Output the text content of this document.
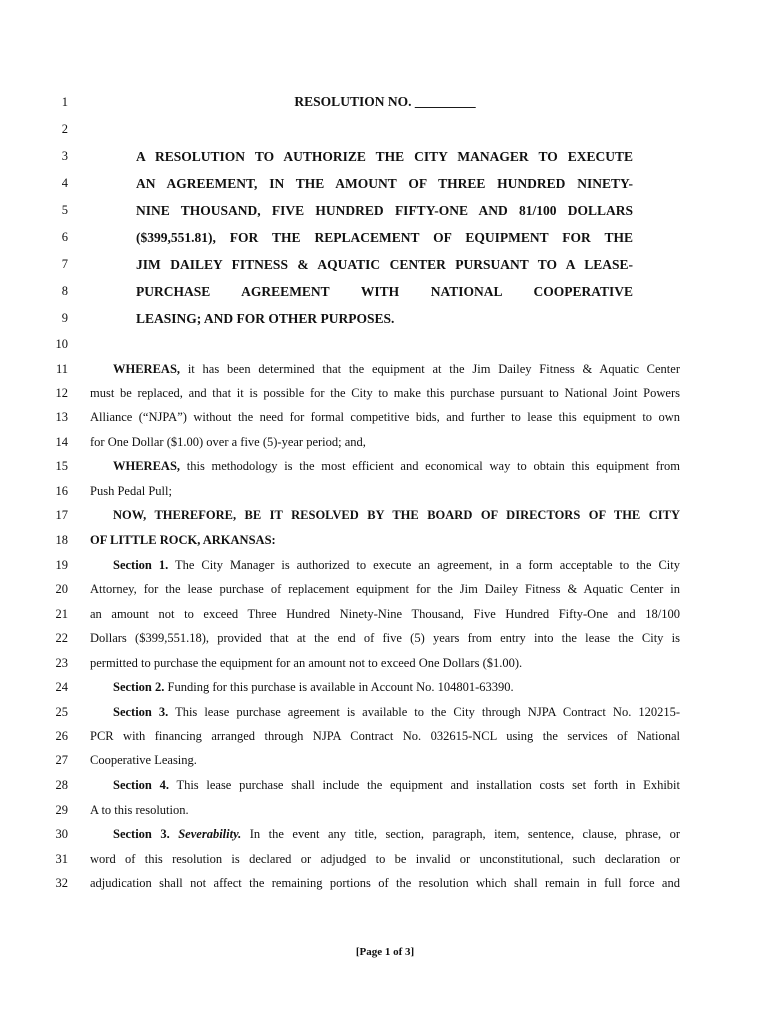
1
2
3
4
5
6
7
8
9
10
11
12
13
14
15
16
17
18
19
20
21
22
23
24
25
26
27
28
29
30
31
32
RESOLUTION NO. _________
A RESOLUTION TO AUTHORIZE THE CITY MANAGER TO EXECUTE
AN AGREEMENT, IN THE AMOUNT OF THREE HUNDRED NINETY-
NINE THOUSAND, FIVE HUNDRED FIFTY-ONE AND 81/100 DOLLARS
($399,551.81), FOR THE REPLACEMENT OF EQUIPMENT FOR THE
JIM DAILEY FITNESS & AQUATIC CENTER PURSUANT TO A LEASE-
PURCHASE AGREEMENT WITH NATIONAL COOPERATIVE
LEASING; AND FOR OTHER PURPOSES.
WHEREAS, it has been determined that the equipment at the Jim Dailey Fitness & Aquatic Center
must be replaced, and that it is possible for the City to make this purchase pursuant to National Joint Powers
Alliance (“NJPA”) without the need for formal competitive bids, and further to lease this equipment to own
for One Dollar ($1.00) over a five (5)-year period; and,
WHEREAS, this methodology is the most efficient and economical way to obtain this equipment from
Push Pedal Pull;
NOW, THEREFORE, BE IT RESOLVED BY THE BOARD OF DIRECTORS OF THE CITY
OF LITTLE ROCK, ARKANSAS:
Section 1. The City Manager is authorized to execute an agreement, in a form acceptable to the City
Attorney, for the lease purchase of replacement equipment for the Jim Dailey Fitness & Aquatic Center in
an amount not to exceed Three Hundred Ninety-Nine Thousand, Five Hundred Fifty-One and 18/100
Dollars ($399,551.18), provided that at the end of five (5) years from entry into the lease the City is
permitted to purchase the equipment for an amount not to exceed One Dollars ($1.00).
Section 2. Funding for this purchase is available in Account No. 104801-63390.
Section 3. This lease purchase agreement is available to the City through NJPA Contract No. 120215-
PCR with financing arranged through NJPA Contract No. 032615-NCL using the services of National
Cooperative Leasing.
Section 4. This lease purchase shall include the equipment and installation costs set forth in Exhibit
A to this resolution.
Section 3. Severability. In the event any title, section, paragraph, item, sentence, clause, phrase, or
word of this resolution is declared or adjudged to be invalid or unconstitutional, such declaration or
adjudication shall not affect the remaining portions of the resolution which shall remain in full force and
[Page 1 of 3]
